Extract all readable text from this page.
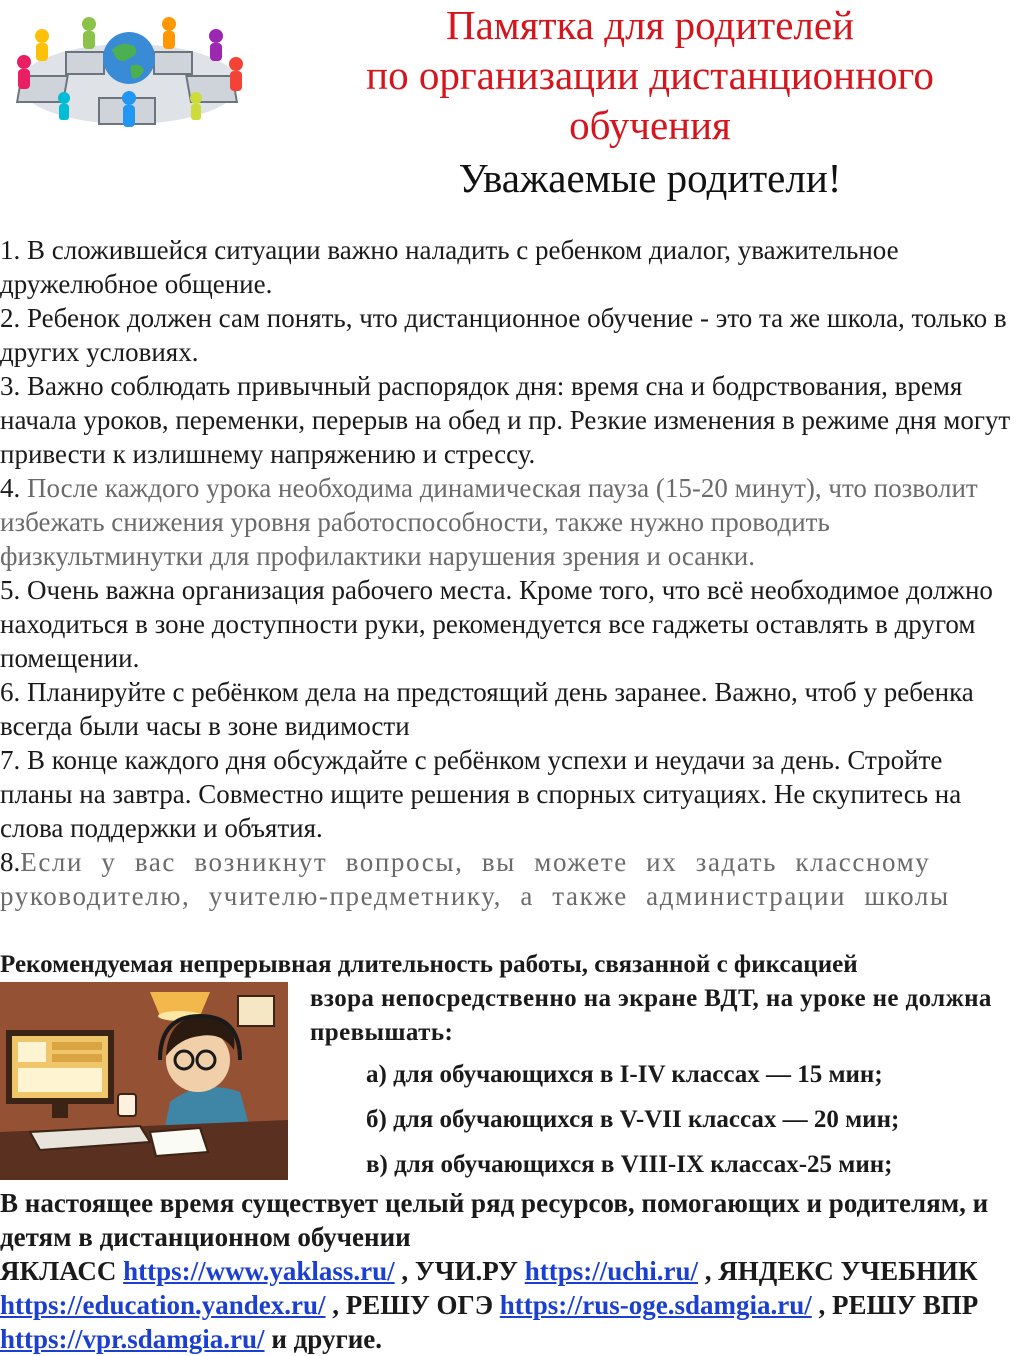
Памятка для родителей
по организации дистанционного
обучения
Уважаемые родители!

1. В сложившейся ситуации важно наладить с ребенком диалог, уважительное дружелюбное общение.

2. Ребенок должен сам понять, что дистанционное обучение - это та же школа, только в других условиях.

3. Важно соблюдать привычный распорядок дня: время сна и бодрствования, время начала уроков, переменки, перерыв на обед и пр. Резкие изменения в режиме дня могут привести к излишнему напряжению и стрессу.

4. После каждого урока необходима динамическая пауза (15-20 минут), что позволит избежать снижения уровня работоспособности, также нужно проводить физкультминутки для профилактики нарушения зрения и осанки.

5. Очень важна организация рабочего места. Кроме того, что всё необходимое должно находиться в зоне доступности руки, рекомендуется все гаджеты оставлять в другом помещении.

6. Планируйте с ребёнком дела на предстоящий день заранее. Важно, чтоб у ребенка всегда были часы в зоне видимости

7. В конце каждого дня обсуждайте с ребёнком успехи и неудачи за день. Стройте планы на завтра. Совместно ищите решения в спорных ситуациях. Не скупитесь на слова поддержки и объятия.

8.Если у вас возникнут вопросы, вы можете их задать классному руководителю, учителю-предметнику, а также администрации школы

Рекомендуемая непрерывная длительность работы, связанной с фиксацией
взора непосредственно на экране ВДТ, на уроке не должна превышать:
а) для обучающихся в I-IV классах — 15 мин;
б) для обучающихся в V-VII классах — 20 мин;
в) для обучающихся в VIII-IX классах-25 мин;
В настоящее время существует целый ряд ресурсов, помогающих и родителям, и детям в дистанционном обучении
ЯКЛАСС https://www.yaklass.ru/ , УЧИ.РУ https://uchi.ru/ , ЯНДЕКС УЧЕБНИК https://education.yandex.ru/ , РЕШУ ОГЭ https://rus-oge.sdamgia.ru/ , РЕШУ ВПР https://vpr.sdamgia.ru/ и другие.
